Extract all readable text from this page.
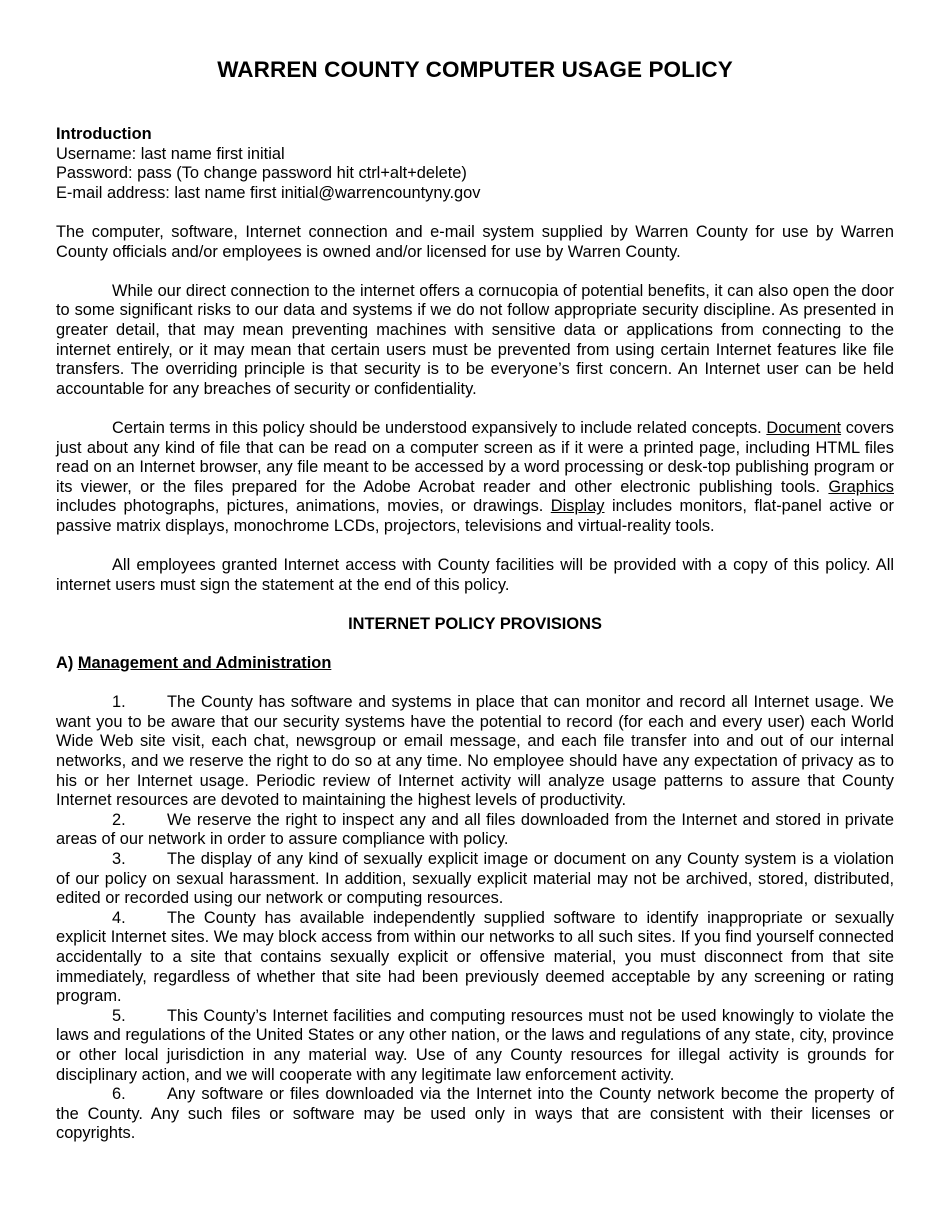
WARREN COUNTY COMPUTER USAGE POLICY
Introduction
Username: last name first initial
Password: pass (To change password hit ctrl+alt+delete)
E-mail address: last name first initial@warrencountyny.gov

The computer, software, Internet connection and e-mail system supplied by Warren County for use by Warren County officials and/or employees is owned and/or licensed for use by Warren County.

While our direct connection to the internet offers a cornucopia of potential benefits, it can also open the door to some significant risks to our data and systems if we do not follow appropriate security discipline. As presented in greater detail, that may mean preventing machines with sensitive data or applications from connecting to the internet entirely, or it may mean that certain users must be prevented from using certain Internet features like file transfers. The overriding principle is that security is to be everyone’s first concern. An Internet user can be held accountable for any breaches of security or confidentiality.

Certain terms in this policy should be understood expansively to include related concepts. Document covers just about any kind of file that can be read on a computer screen as if it were a printed page, including HTML files read on an Internet browser, any file meant to be accessed by a word processing or desk-top publishing program or its viewer, or the files prepared for the Adobe Acrobat reader and other electronic publishing tools. Graphics includes photographs, pictures, animations, movies, or drawings. Display includes monitors, flat-panel active or passive matrix displays, monochrome LCDs, projectors, televisions and virtual-reality tools.

All employees granted Internet access with County facilities will be provided with a copy of this policy. All internet users must sign the statement at the end of this policy.

INTERNET POLICY PROVISIONS
A) Management and Administration

1.	The County has software and systems in place that can monitor and record all Internet usage. We want you to be aware that our security systems have the potential to record (for each and every user) each World Wide Web site visit, each chat, newsgroup or email message, and each file transfer into and out of our internal networks, and we reserve the right to do so at any time. No employee should have any expectation of privacy as to his or her Internet usage. Periodic review of Internet activity will analyze usage patterns to assure that County Internet resources are devoted to maintaining the highest levels of productivity.

2.	We reserve the right to inspect any and all files downloaded from the Internet and stored in private areas of our network in order to assure compliance with policy.

3.	The display of any kind of sexually explicit image or document on any County system is a violation of our policy on sexual harassment. In addition, sexually explicit material may not be archived, stored, distributed, edited or recorded using our network or computing resources.

4.	The County has available independently supplied software to identify inappropriate or sexually explicit Internet sites. We may block access from within our networks to all such sites. If you find yourself connected accidentally to a site that contains sexually explicit or offensive material, you must disconnect from that site immediately, regardless of whether that site had been previously deemed acceptable by any screening or rating program.

5.	This County’s Internet facilities and computing resources must not be used knowingly to violate the laws and regulations of the United States or any other nation, or the laws and regulations of any state, city, province or other local jurisdiction in any material way. Use of any County resources for illegal activity is grounds for disciplinary action, and we will cooperate with any legitimate law enforcement activity.

6.	Any software or files downloaded via the Internet into the County network become the property of the County. Any such files or software may be used only in ways that are consistent with their licenses or copyrights.
